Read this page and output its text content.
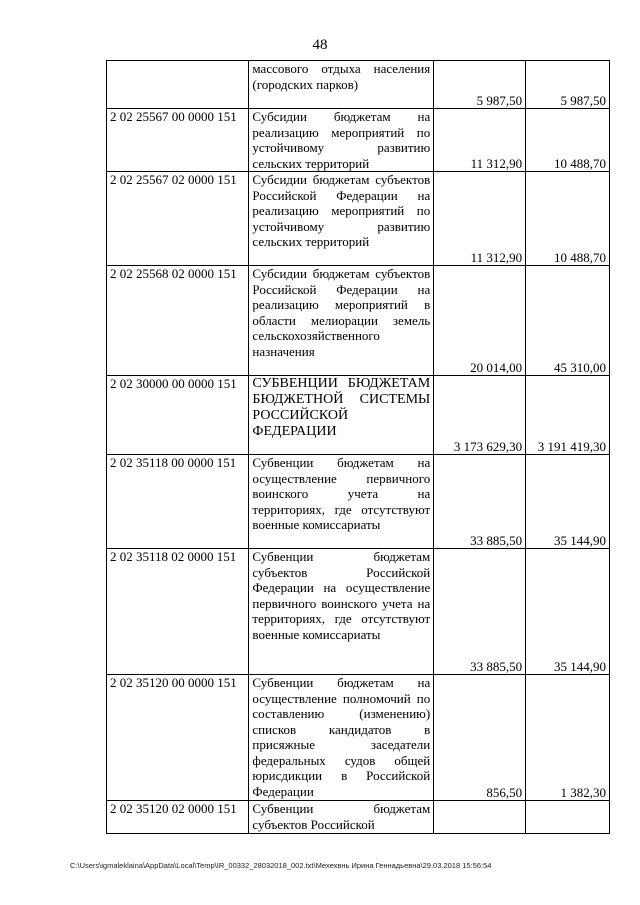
48
	массового отдыха населения (городских парков)	5 987,50	5 987,50
2 02 25567 00 0000 151	Субсидии бюджетам на реализацию мероприятий по устойчивому развитию сельских территорий	11 312,90	10 488,70
2 02 25567 02 0000 151	Субсидии бюджетам субъектов Российской Федерации на реализацию мероприятий по устойчивому развитию сельских территорий	11 312,90	10 488,70
2 02 25568 02 0000 151	Субсидии бюджетам субъектов Российской Федерации на реализацию мероприятий в области мелиорации земель сельскохозяйственного назначения	20 014,00	45 310,00
2 02 30000 00 0000 151	СУБВЕНЦИИ БЮДЖЕТАМ БЮДЖЕТНОЙ СИСТЕМЫ РОССИЙСКОЙ ФЕДЕРАЦИИ	3 173 629,30	3 191 419,30
2 02 35118 00 0000 151	Субвенции бюджетам на осуществление первичного воинского учета на территориях, где отсутствуют военные комиссариаты	33 885,50	35 144,90
2 02 35118 02 0000 151	Субвенции бюджетам субъектов Российской Федерации на осуществление первичного воинского учета на территориях, где отсутствуют военные комиссариаты	33 885,50	35 144,90
2 02 35120 00 0000 151	Субвенции бюджетам на осуществление полномочий по составлению (изменению) списков кандидатов в присяжные заседатели федеральных судов общей юрисдикции в Российской Федерации	856,50	1 382,30
2 02 35120 02 0000 151	Субвенции бюджетам субъектов Российской		
C:\Users\igmaleklaina\AppData\Local\Temp\IR_00332_28032018_002.txt\Мехехвнь Ирина Геннадьевна\29.03.2018 15:56:54
